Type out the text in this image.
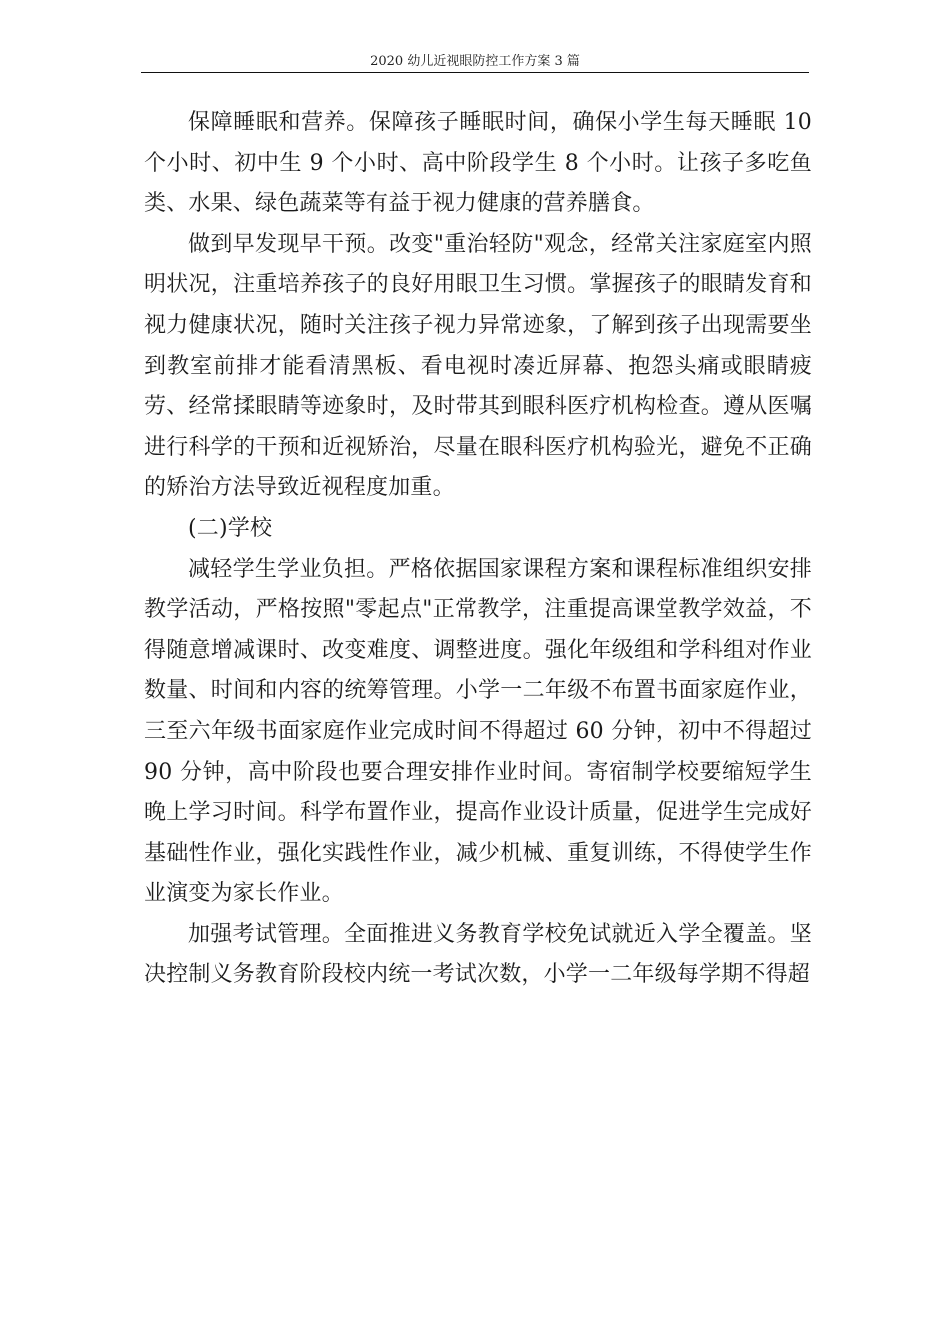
2020 幼儿近视眼防控工作方案 3 篇

保障睡眠和营养。保障孩子睡眠时间，确保小学生每天睡眠 10 个小时、初中生 9 个小时、高中阶段学生 8 个小时。让孩子多吃鱼类、水果、绿色蔬菜等有益于视力健康的营养膳食。

做到早发现早干预。改变"重治轻防"观念，经常关注家庭室内照明状况，注重培养孩子的良好用眼卫生习惯。掌握孩子的眼睛发育和视力健康状况，随时关注孩子视力异常迹象，了解到孩子出现需要坐到教室前排才能看清黑板、看电视时凑近屏幕、抱怨头痛或眼睛疲劳、经常揉眼睛等迹象时，及时带其到眼科医疗机构检查。遵从医嘱进行科学的干预和近视矫治，尽量在眼科医疗机构验光，避免不正确的矫治方法导致近视程度加重。

(二)学校

减轻学生学业负担。严格依据国家课程方案和课程标准组织安排教学活动，严格按照"零起点"正常教学，注重提高课堂教学效益，不得随意增减课时、改变难度、调整进度。强化年级组和学科组对作业数量、时间和内容的统筹管理。小学一二年级不布置书面家庭作业，三至六年级书面家庭作业完成时间不得超过 60 分钟，初中不得超过 90 分钟，高中阶段也要合理安排作业时间。寄宿制学校要缩短学生晚上学习时间。科学布置作业，提高作业设计质量，促进学生完成好基础性作业，强化实践性作业，减少机械、重复训练，不得使学生作业演变为家长作业。

加强考试管理。全面推进义务教育学校免试就近入学全覆盖。坚决控制义务教育阶段校内统一考试次数，小学一二年级每学期不得超
